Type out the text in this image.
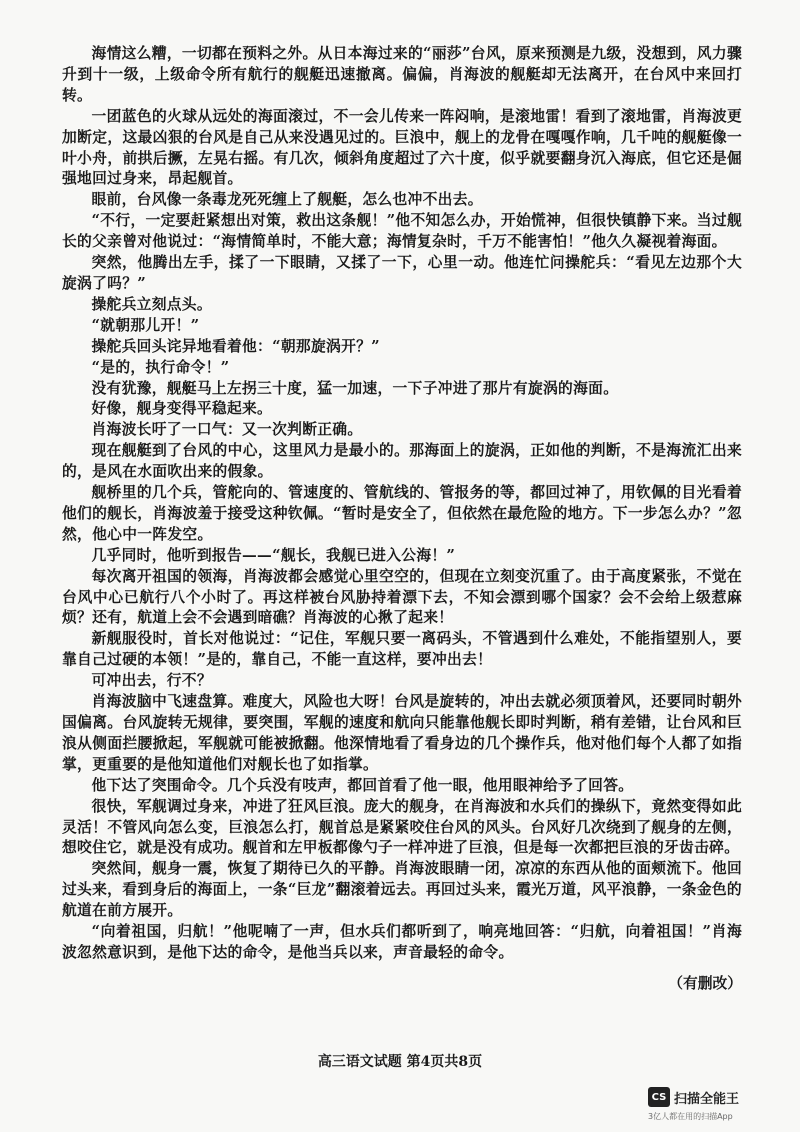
海情这么糟，一切都在预料之外。从日本海过来的“丽莎”台风，原来预测是九级，没想到，风力骤升到十一级，上级命令所有航行的舰艇迅速撤离。偏偏，肖海波的舰艇却无法离开，在台风中来回打转。

一团蓝色的火球从远处的海面滚过，不一会儿传来一阵闷响，是滚地雷！看到了滚地雷，肖海波更加断定，这最凶狠的台风是自己从来没遇见过的。巨浪中，舰上的龙骨在嘎嘎作响，几千吨的舰艇像一叶小舟，前拱后撅，左晃右摇。有几次，倾斜角度超过了六十度，似乎就要翻身沉入海底，但它还是倔强地回过身来，昂起舰首。

眼前，台风像一条毒龙死死缠上了舰艇，怎么也冲不出去。

“不行，一定要赶紧想出对策，救出这条舰！”他不知怎么办，开始慌神，但很快镇静下来。当过舰长的父亲曾对他说过：“海情简单时，不能大意；海情复杂时，千万不能害怕！”他久久凝视着海面。

突然，他腾出左手，揉了一下眼睛，又揉了一下，心里一动。他连忙问操舵兵：“看见左边那个大旋涡了吗？”

操舵兵立刻点头。

“就朝那儿开！”

操舵兵回头诧异地看着他：“朝那旋涡开？”

“是的，执行命令！”

没有犹豫，舰艇马上左拐三十度，猛一加速，一下子冲进了那片有旋涡的海面。

好像，舰身变得平稳起来。

肖海波长吁了一口气：又一次判断正确。

现在舰艇到了台风的中心，这里风力是最小的。那海面上的旋涡，正如他的判断，不是海流汇出来的，是风在水面吹出来的假象。

舰桥里的几个兵，管舵向的、管速度的、管航线的、管报务的等，都回过神了，用钦佩的目光看着他们的舰长，肖海波羞于接受这种钦佩。“暂时是安全了，但依然在最危险的地方。下一步怎么办？”忽然，他心中一阵发空。

几乎同时，他听到报告——“舰长，我舰已进入公海！”

每次离开祖国的领海，肖海波都会感觉心里空空的，但现在立刻变沉重了。由于高度紧张，不觉在台风中心已航行八个小时了。再这样被台风胁持着漂下去，不知会漂到哪个国家？会不会给上级惹麻烦？还有，航道上会不会遇到暗礁？肖海波的心揪了起来！

新舰服役时，首长对他说过：“记住，军舰只要一离码头，不管遇到什么难处，不能指望别人，要靠自己过硬的本领！”是的，靠自己，不能一直这样，要冲出去！

可冲出去，行不？

肖海波脑中飞速盘算。难度大，风险也大呀！台风是旋转的，冲出去就必须顶着风，还要同时朝外国偏离。台风旋转无规律，要突围，军舰的速度和航向只能靠他舰长即时判断，稍有差错，让台风和巨浪从侧面拦腰掀起，军舰就可能被掀翻。他深情地看了看身边的几个操作兵，他对他们每个人都了如指掌，更重要的是他知道他们对舰长也了如指掌。

他下达了突围命令。几个兵没有吱声，都回首看了他一眼，他用眼神给予了回答。

很快，军舰调过身来，冲进了狂风巨浪。庞大的舰身，在肖海波和水兵们的操纵下，竟然变得如此灵活！不管风向怎么变，巨浪怎么打，舰首总是紧紧咬住台风的风头。台风好几次绕到了舰身的左侧，想咬住它，就是没有成功。舰首和左甲板都像勺子一样冲进了巨浪，但是每一次都把巨浪的牙齿击碎。

突然间，舰身一震，恢复了期待已久的平静。肖海波眼睛一闭，凉凉的东西从他的面颊流下。他回过头来，看到身后的海面上，一条“巨龙”翻滚着远去。再回过头来，霞光万道，风平浪静，一条金色的航道在前方展开。

“向着祖国，归航！”他呢喃了一声，但水兵们都听到了，响亮地回答：“归航，向着祖国！”肖海波忽然意识到，是他下达的命令，是他当兵以来，声音最轻的命令。

（有删改）

高三语文试题 第4页共8页
CS 扫描全能王
3亿人都在用的扫描App
